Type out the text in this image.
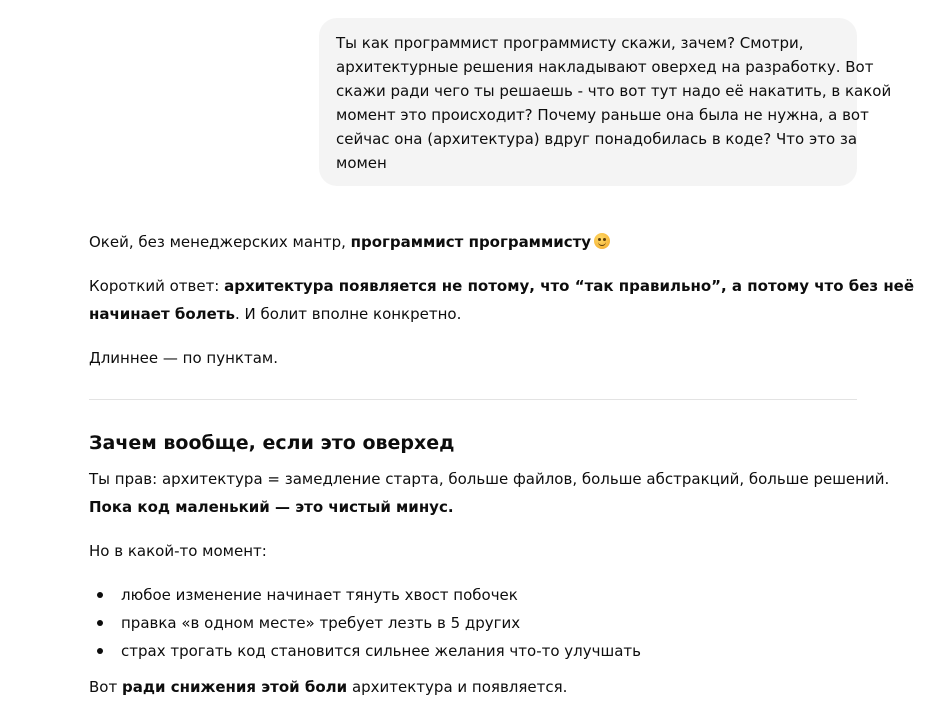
Ты как программист программисту скажи, зачем? Смотри,
архитектурные решения накладывают оверхед на разработку. Вот
скажи ради чего ты решаешь - что вот тут надо её накатить, в какой
момент это происходит? Почему раньше она была не нужна, а вот
сейчас она (архитектура) вдруг понадобилась в коде? Что это за
момен
Окей, без менеджерских мантр, программист программисту
Короткий ответ: архитектура появляется не потому, что “так правильно”, а потому что без неё
начинает болеть. И болит вполне конкретно.
Длиннее — по пунктам.
Зачем вообще, если это оверхед
Ты прав: архитектура = замедление старта, больше файлов, больше абстракций, больше решений.
Пока код маленький — это чистый минус.
Но в какой-то момент:
любое изменение начинает тянуть хвост побочек
правка «в одном месте» требует лезть в 5 других
страх трогать код становится сильнее желания что-то улучшать
Вот ради снижения этой боли архитектура и появляется.
